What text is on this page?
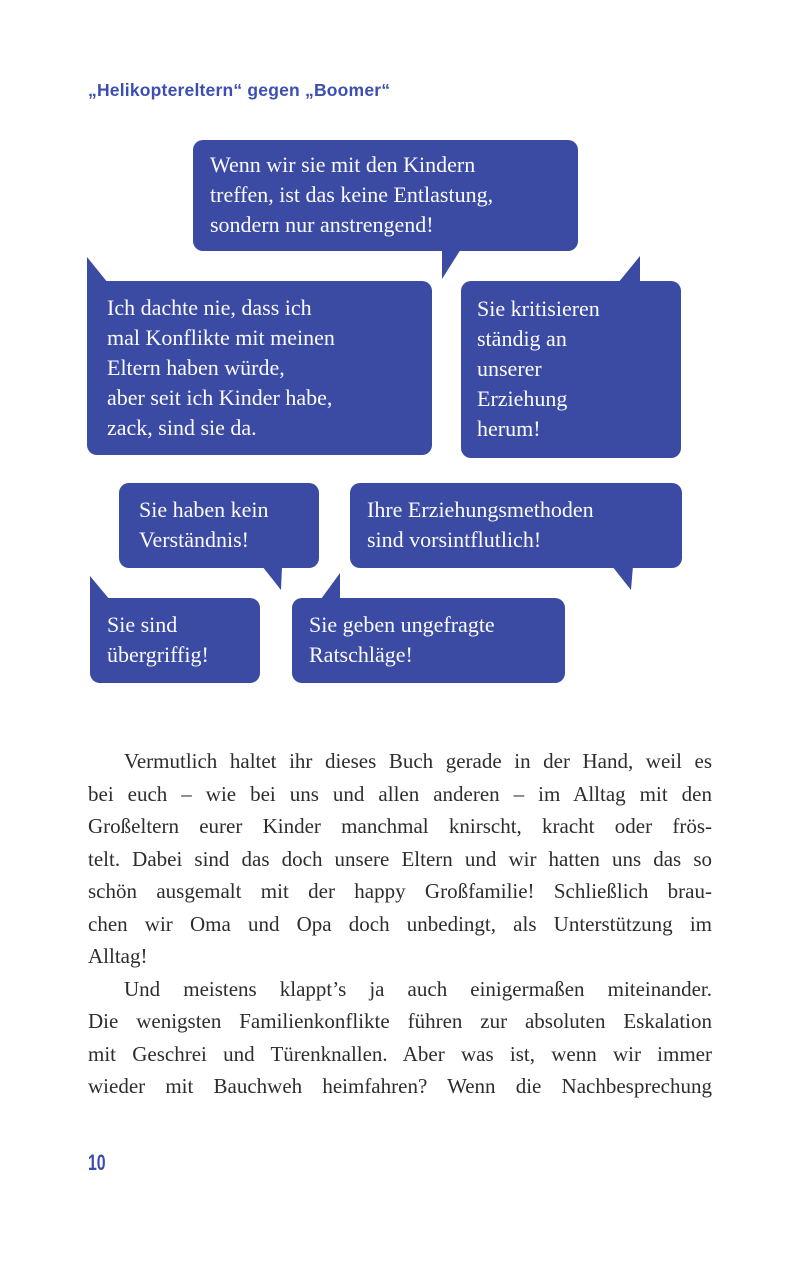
„Helikoptereltern“ gegen „Boomer“
Wenn wir sie mit den Kindern
treffen, ist das keine Entlastung,
sondern nur anstrengend!
Ich dachte nie, dass ich
mal Konflikte mit meinen
Eltern haben würde,
aber seit ich Kinder habe,
zack, sind sie da.
Sie kritisieren
ständig an
unserer
Erziehung
herum!
Sie haben kein
Verständnis!
Ihre Erziehungsmethoden
sind vorsintflutlich!
Sie sind
übergriffig!
Sie geben ungefragte
Ratschläge!
Vermutlich haltet ihr dieses Buch gerade in der Hand, weil es
bei euch – wie bei uns und allen anderen – im Alltag mit den
Großeltern eurer Kinder manchmal knirscht, kracht oder frös-
telt. Dabei sind das doch unsere Eltern und wir hatten uns das so
schön ausgemalt mit der happy Großfamilie! Schließlich brau-
chen wir Oma und Opa doch unbedingt, als Unterstützung im
Alltag!
Und meistens klappt’s ja auch einigermaßen miteinander.
Die wenigsten Familienkonflikte führen zur absoluten Eskalation
mit Geschrei und Türenknallen. Aber was ist, wenn wir immer
wieder mit Bauchweh heimfahren? Wenn die Nachbesprechung
10
